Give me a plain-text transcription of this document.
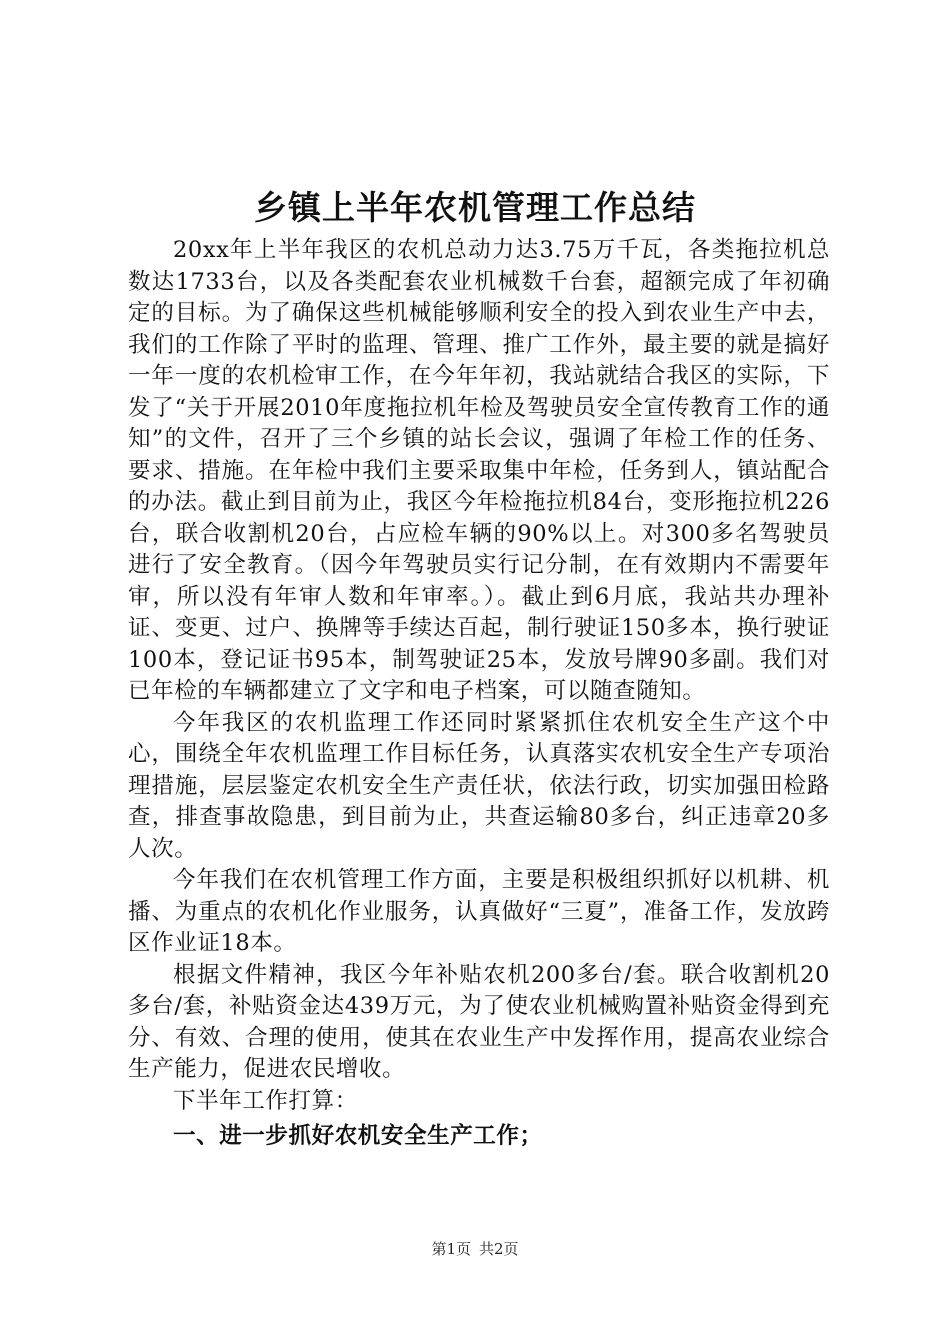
乡镇上半年农机管理工作总结

20xx年上半年我区的农机总动力达3.75万千瓦，各类拖拉机总数达1733台，以及各类配套农业机械数千台套，超额完成了年初确定的目标。为了确保这些机械能够顺利安全的投入到农业生产中去，我们的工作除了平时的监理、管理、推广工作外，最主要的就是搞好一年一度的农机检审工作，在今年年初，我站就结合我区的实际，下发了“关于开展2010年度拖拉机年检及驾驶员安全宣传教育工作的通知”的文件，召开了三个乡镇的站长会议，强调了年检工作的任务、要求、措施。在年检中我们主要采取集中年检，任务到人，镇站配合的办法。截止到目前为止，我区今年检拖拉机84台，变形拖拉机226台，联合收割机20台，占应检车辆的90%以上。对300多名驾驶员进行了安全教育。（因今年驾驶员实行记分制，在有效期内不需要年审，所以没有年审人数和年审率。）。截止到6月底，我站共办理补证、变更、过户、换牌等手续达百起，制行驶证150多本，换行驶证100本，登记证书95本，制驾驶证25本，发放号牌90多副。我们对已年检的车辆都建立了文字和电子档案，可以随查随知。

今年我区的农机监理工作还同时紧紧抓住农机安全生产这个中心，围绕全年农机监理工作目标任务，认真落实农机安全生产专项治理措施，层层鉴定农机安全生产责任状，依法行政，切实加强田检路查，排查事故隐患，到目前为止，共查运输80多台，纠正违章20多人次。

今年我们在农机管理工作方面，主要是积极组织抓好以机耕、机播、为重点的农机化作业服务，认真做好“三夏”，准备工作，发放跨区作业证18本。

根据文件精神，我区今年补贴农机200多台/套。联合收割机20多台/套，补贴资金达439万元，为了使农业机械购置补贴资金得到充分、有效、合理的使用，使其在农业生产中发挥作用，提高农业综合生产能力，促进农民增收。

下半年工作打算：

一、进一步抓好农机安全生产工作；

第1页 共2页
